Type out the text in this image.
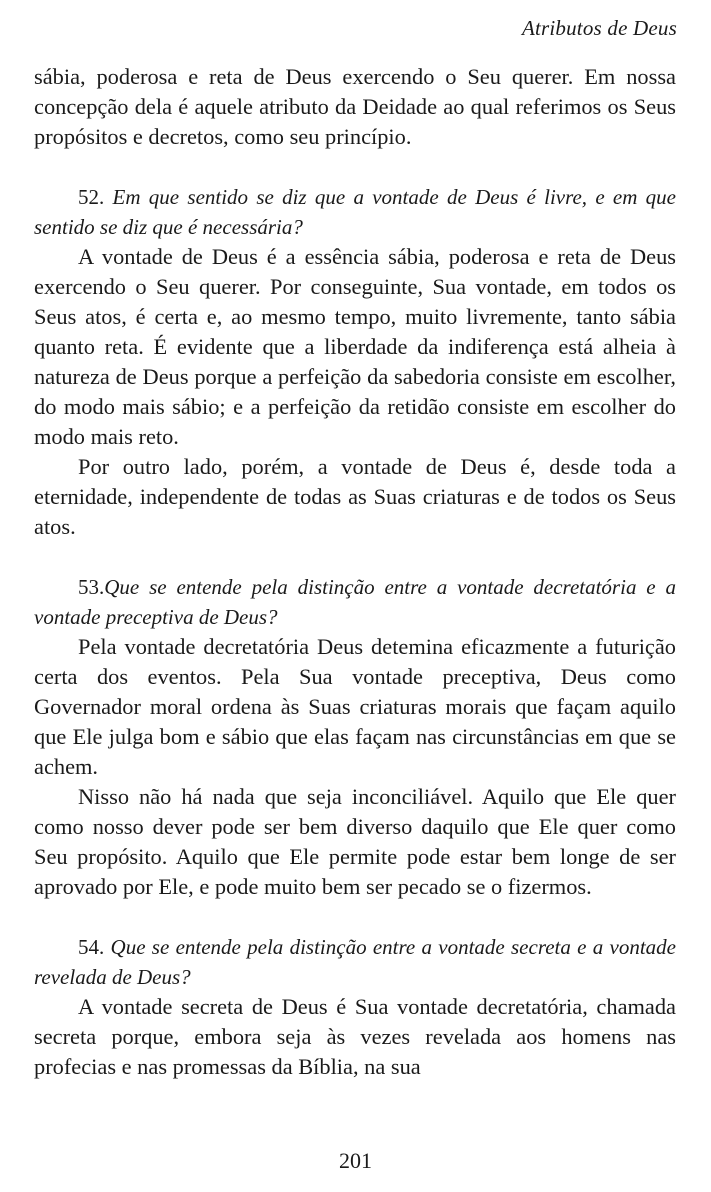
Atributos de Deus

sábia, poderosa e reta de Deus exercendo o Seu querer. Em nossa concepção dela é aquele atributo da Deidade ao qual referimos os Seus propósitos e decretos, como seu princípio.

52. Em que sentido se diz que a vontade de Deus é livre, e em que sentido se diz que é necessária?

A vontade de Deus é a essência sábia, poderosa e reta de Deus exercendo o Seu querer. Por conseguinte, Sua vontade, em todos os Seus atos, é certa e, ao mesmo tempo, muito livremente, tanto sábia quanto reta. É evidente que a liberdade da indiferença está alheia à natureza de Deus porque a perfeição da sabedoria consiste em escolher, do modo mais sábio; e a perfeição da retidão consiste em escolher do modo mais reto.

Por outro lado, porém, a vontade de Deus é, desde toda a eternidade, independente de todas as Suas criaturas e de todos os Seus atos.

53.Que se entende pela distinção entre a vontade decretatória e a vontade preceptiva de Deus?

Pela vontade decretatória Deus detemina eficazmente a futurição certa dos eventos. Pela Sua vontade preceptiva, Deus como Governador moral ordena às Suas criaturas morais que façam aquilo que Ele julga bom e sábio que elas façam nas circunstâncias em que se achem.

Nisso não há nada que seja inconciliável. Aquilo que Ele quer como nosso dever pode ser bem diverso daquilo que Ele quer como Seu propósito. Aquilo que Ele permite pode estar bem longe de ser aprovado por Ele, e pode muito bem ser pecado se o fizermos.

54. Que se entende pela distinção entre a vontade secreta e a vontade revelada de Deus?

A vontade secreta de Deus é Sua vontade decretatória, chamada secreta porque, embora seja às vezes revelada aos homens nas profecias e nas promessas da Bíblia, na sua

201
